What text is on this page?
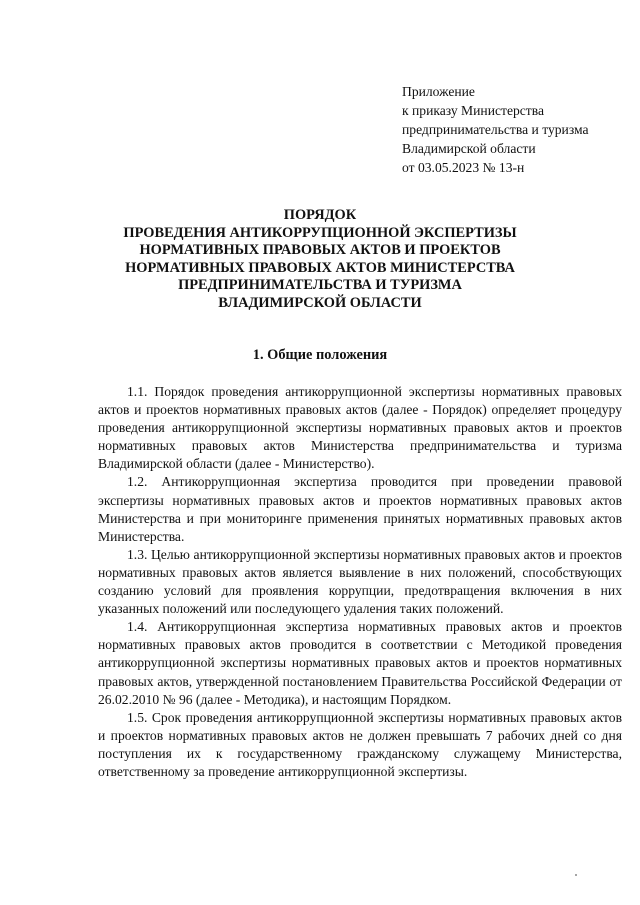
Приложение
к приказу Министерства
предпринимательства и туризма
Владимирской области
от 03.05.2023 № 13-н
ПОРЯДОК
ПРОВЕДЕНИЯ АНТИКОРРУПЦИОННОЙ ЭКСПЕРТИЗЫ
НОРМАТИВНЫХ ПРАВОВЫХ АКТОВ И ПРОЕКТОВ
НОРМАТИВНЫХ ПРАВОВЫХ АКТОВ МИНИСТЕРСТВА
ПРЕДПРИНИМАТЕЛЬСТВА И ТУРИЗМА
ВЛАДИМИРСКОЙ ОБЛАСТИ
1. Общие положения

1.1. Порядок проведения антикоррупционной экспертизы нормативных правовых актов и проектов нормативных правовых актов (далее - Порядок) определяет процедуру проведения антикоррупционной экспертизы нормативных правовых актов и проектов нормативных правовых актов Министерства предпринимательства и туризма Владимирской области (далее - Министерство).

1.2. Антикоррупционная экспертиза проводится при проведении правовой экспертизы нормативных правовых актов и проектов нормативных правовых актов Министерства и при мониторинге применения принятых нормативных правовых актов Министерства.

1.3. Целью антикоррупционной экспертизы нормативных правовых актов и проектов нормативных правовых актов является выявление в них положений, способствующих созданию условий для проявления коррупции, предотвращения включения в них указанных положений или последующего удаления таких положений.

1.4. Антикоррупционная экспертиза нормативных правовых актов и проектов нормативных правовых актов проводится в соответствии с Методикой проведения антикоррупционной экспертизы нормативных правовых актов и проектов нормативных правовых актов, утвержденной постановлением Правительства Российской Федерации от 26.02.2010 № 96 (далее - Методика), и настоящим Порядком.

1.5. Срок проведения антикоррупционной экспертизы нормативных правовых актов и проектов нормативных правовых актов не должен превышать 7 рабочих дней со дня поступления их к государственному гражданскому служащему Министерства, ответственному за проведение антикоррупционной экспертизы.
